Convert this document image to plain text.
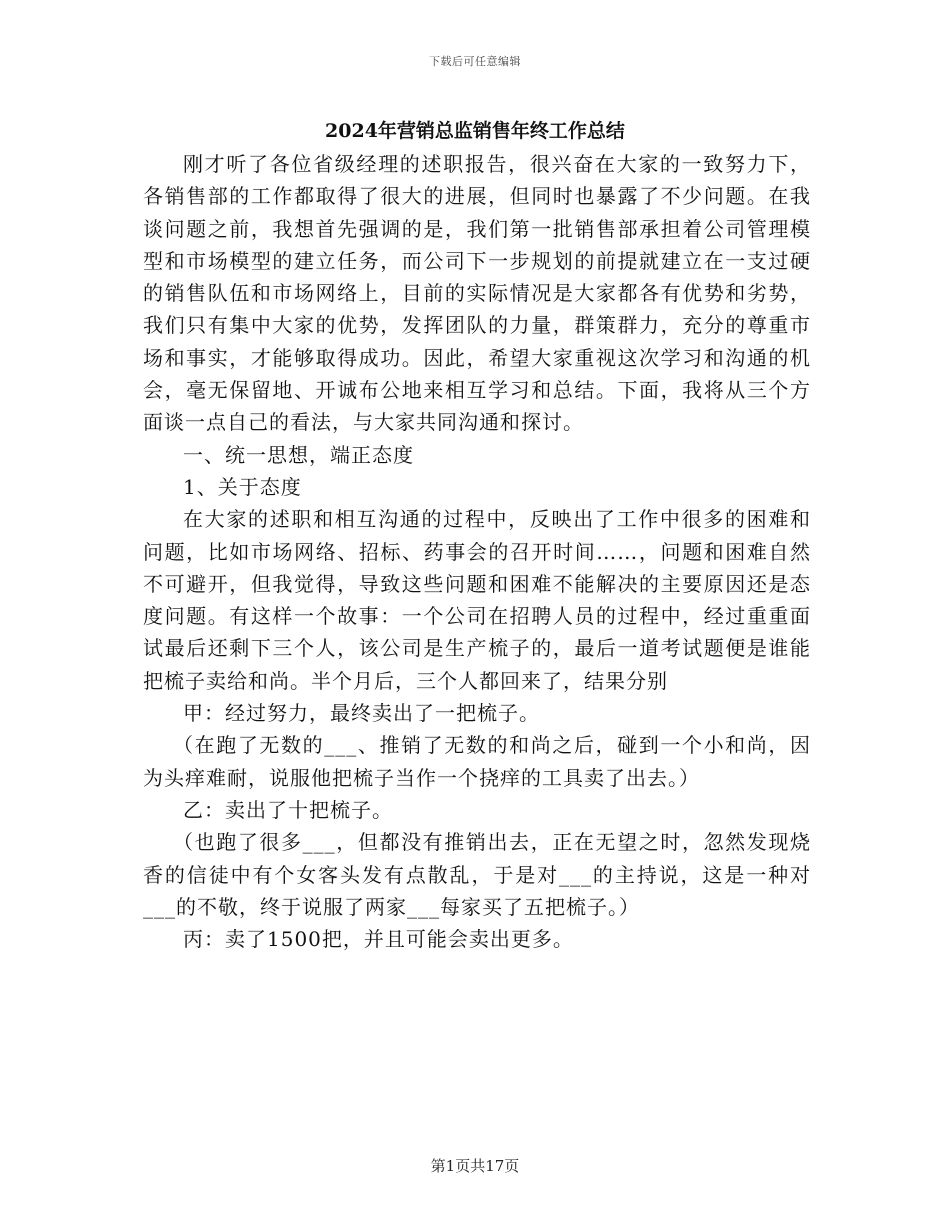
下载后可任意编辑
2024年营销总监销售年终工作总结

刚才听了各位省级经理的述职报告，很兴奋在大家的一致努力下，各销售部的工作都取得了很大的进展，但同时也暴露了不少问题。在我谈问题之前，我想首先强调的是，我们第一批销售部承担着公司管理模型和市场模型的建立任务，而公司下一步规划的前提就建立在一支过硬的销售队伍和市场网络上，目前的实际情况是大家都各有优势和劣势，我们只有集中大家的优势，发挥团队的力量，群策群力，充分的尊重市场和事实，才能够取得成功。因此，希望大家重视这次学习和沟通的机会，毫无保留地、开诚布公地来相互学习和总结。下面，我将从三个方面谈一点自己的看法，与大家共同沟通和探讨。

一、统一思想，端正态度

1、关于态度

在大家的述职和相互沟通的过程中，反映出了工作中很多的困难和问题，比如市场网络、招标、药事会的召开时间……，问题和困难自然不可避开，但我觉得，导致这些问题和困难不能解决的主要原因还是态度问题。有这样一个故事：一个公司在招聘人员的过程中，经过重重面试最后还剩下三个人，该公司是生产梳子的，最后一道考试题便是谁能把梳子卖给和尚。半个月后，三个人都回来了，结果分别

甲：经过努力，最终卖出了一把梳子。

（在跑了无数的___、推销了无数的和尚之后，碰到一个小和尚，因为头痒难耐，说服他把梳子当作一个挠痒的工具卖了出去。）

乙：卖出了十把梳子。

（也跑了很多___，但都没有推销出去，正在无望之时，忽然发现烧香的信徒中有个女客头发有点散乱，于是对___的主持说，这是一种对___的不敬，终于说服了两家___每家买了五把梳子。）

丙：卖了1500把，并且可能会卖出更多。

第1页共17页
